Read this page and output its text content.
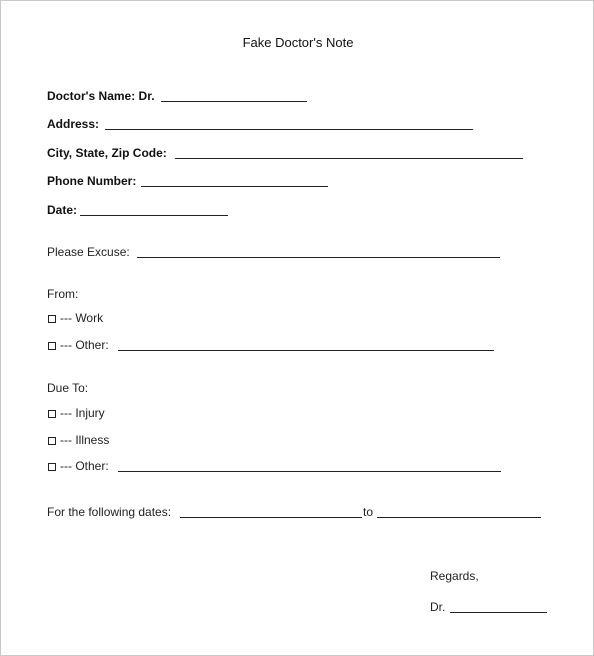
Fake Doctor's Note
Doctor's Name: Dr.
Address:
City, State, Zip Code:
Phone Number:
Date:
Please Excuse:
From:
--- Work
--- Other:
Due To:
--- Injury
--- Illness
--- Other:
For the following dates:	to
Regards,
Dr.
